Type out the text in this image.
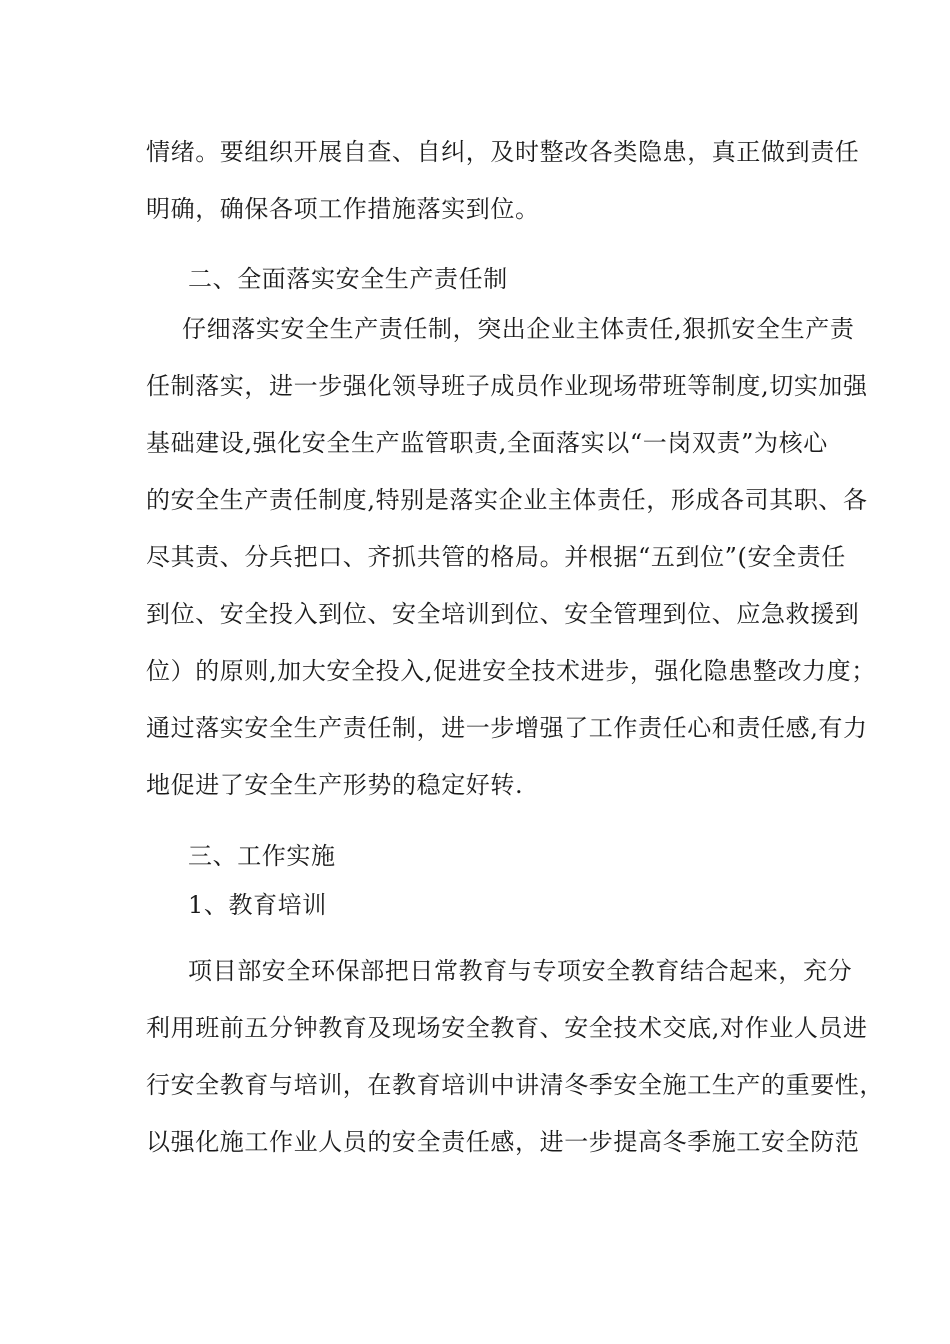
情绪。要组织开展自查、自纠，及时整改各类隐患，真正做到责任
明确，确保各项工作措施落实到位。
二、全面落实安全生产责任制
仔细落实安全生产责任制，突出企业主体责任,狠抓安全生产责
任制落实，进一步强化领导班子成员作业现场带班等制度,切实加强
基础建设,强化安全生产监管职责,全面落实以“一岗双责”为核心
的安全生产责任制度,特别是落实企业主体责任，形成各司其职、各
尽其责、分兵把口、齐抓共管的格局。并根据“五到位”(安全责任
到位、安全投入到位、安全培训到位、安全管理到位、应急救援到
位）的原则,加大安全投入,促进安全技术进步，强化隐患整改力度；
通过落实安全生产责任制，进一步增强了工作责任心和责任感,有力
地促进了安全生产形势的稳定好转.
三、工作实施
1、教育培训
项目部安全环保部把日常教育与专项安全教育结合起来，充分
利用班前五分钟教育及现场安全教育、安全技术交底,对作业人员进
行安全教育与培训，在教育培训中讲清冬季安全施工生产的重要性，
以强化施工作业人员的安全责任感，进一步提高冬季施工安全防范
